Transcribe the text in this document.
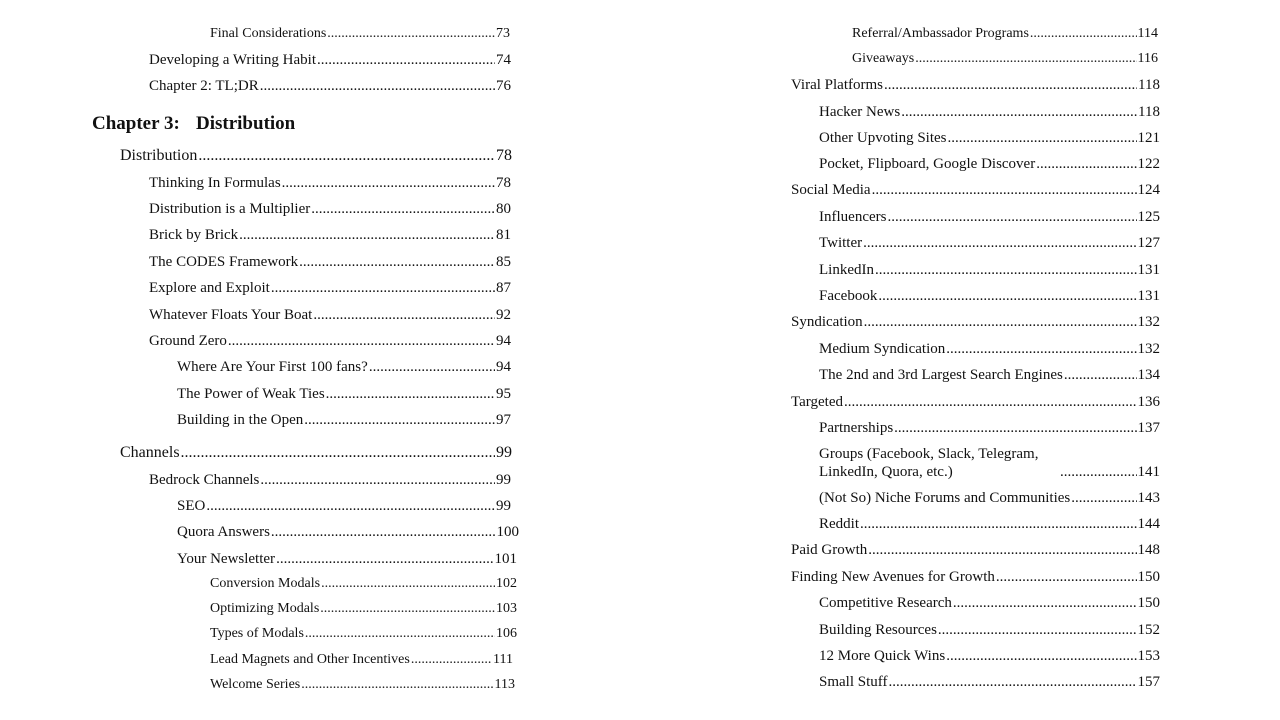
Final Considerations .....	73
Developing a Writing Habit .....	74
Chapter 2: TL;DR .....	76
Chapter 3: Distribution
Distribution .....	78
Thinking In Formulas .....	78
Distribution is a Multiplier .....	80
Brick by Brick .....	81
The CODES Framework .....	85
Explore and Exploit .....	87
Whatever Floats Your Boat .....	92
Ground Zero .....	94
Where Are Your First 100 fans? .....	94
The Power of Weak Ties .....	95
Building in the Open .....	97
Channels .....	99
Bedrock Channels .....	99
SEO .....	99
Quora Answers .....	100
Your Newsletter .....	101
Conversion Modals .....	102
Optimizing Modals .....	103
Types of Modals .....	106
Lead Magnets and Other Incentives .....	111
Welcome Series .....	113
Referral/Ambassador Programs .....	114
Giveaways .....	116
Viral Platforms .....	118
Hacker News .....	118
Other Upvoting Sites .....	121
Pocket, Flipboard, Google Discover .....	122
Social Media .....	124
Influencers .....	125
Twitter .....	127
LinkedIn .....	131
Facebook .....	131
Syndication .....	132
Medium Syndication .....	132
The 2nd and 3rd Largest Search Engines .....	134
Targeted .....	136
Partnerships .....	137
Groups (Facebook, Slack, Telegram, LinkedIn, Quora, etc.) .....	141
(Not So) Niche Forums and Communities .....	143
Reddit .....	144
Paid Growth .....	148
Finding New Avenues for Growth .....	150
Competitive Research .....	150
Building Resources .....	152
12 More Quick Wins .....	153
Small Stuff .....	157
